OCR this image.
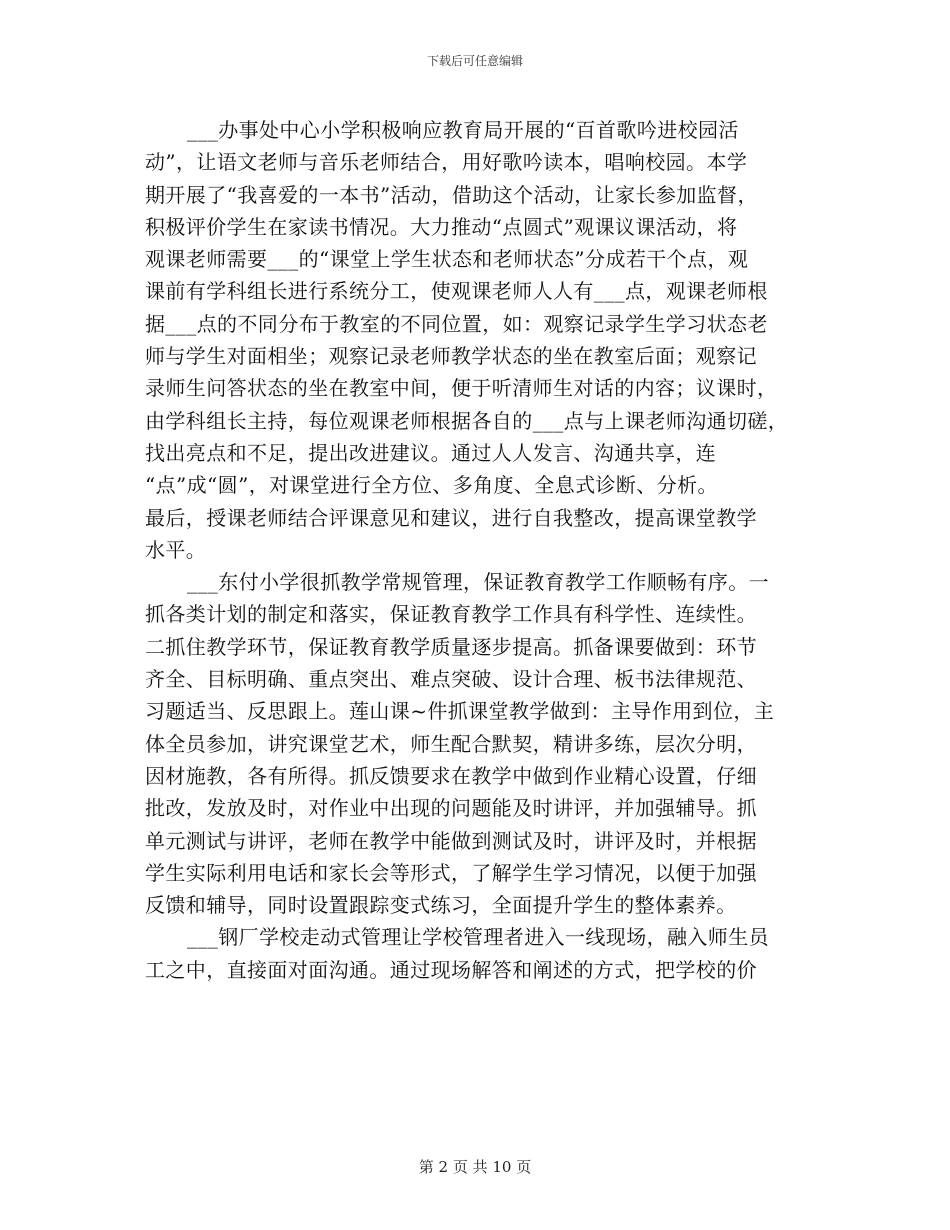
下载后可任意编辑
___办事处中心小学积极响应教育局开展的“百首歌吟进校园活
动”，让语文老师与音乐老师结合，用好歌吟读本，唱响校园。本学
期开展了“我喜爱的一本书”活动，借助这个活动，让家长参加监督，
积极评价学生在家读书情况。大力推动“点圆式”观课议课活动，将
观课老师需要___的“课堂上学生状态和老师状态”分成若干个点，观
课前有学科组长进行系统分工，使观课老师人人有___点，观课老师根
据___点的不同分布于教室的不同位置，如：观察记录学生学习状态老
师与学生对面相坐；观察记录老师教学状态的坐在教室后面；观察记
录师生问答状态的坐在教室中间，便于听清师生对话的内容；议课时，
由学科组长主持，每位观课老师根据各自的___点与上课老师沟通切磋，
找出亮点和不足，提出改进建议。通过人人发言、沟通共享，连
“点”成“圆”，对课堂进行全方位、多角度、全息式诊断、分析。
最后，授课老师结合评课意见和建议，进行自我整改，提高课堂教学
水平。
___东付小学很抓教学常规管理，保证教育教学工作顺畅有序。一
抓各类计划的制定和落实，保证教育教学工作具有科学性、连续性。
二抓住教学环节，保证教育教学质量逐步提高。抓备课要做到：环节
齐全、目标明确、重点突出、难点突破、设计合理、板书法律规范、
习题适当、反思跟上。莲山课~件抓课堂教学做到：主导作用到位，主
体全员参加，讲究课堂艺术，师生配合默契，精讲多练，层次分明，
因材施教，各有所得。抓反馈要求在教学中做到作业精心设置，仔细
批改，发放及时，对作业中出现的问题能及时讲评，并加强辅导。抓
单元测试与讲评，老师在教学中能做到测试及时，讲评及时，并根据
学生实际利用电话和家长会等形式，了解学生学习情况，以便于加强
反馈和辅导，同时设置跟踪变式练习，全面提升学生的整体素养。
___钢厂学校走动式管理让学校管理者进入一线现场，融入师生员
工之中，直接面对面沟通。通过现场解答和阐述的方式，把学校的价
第 2 页 共 10 页
